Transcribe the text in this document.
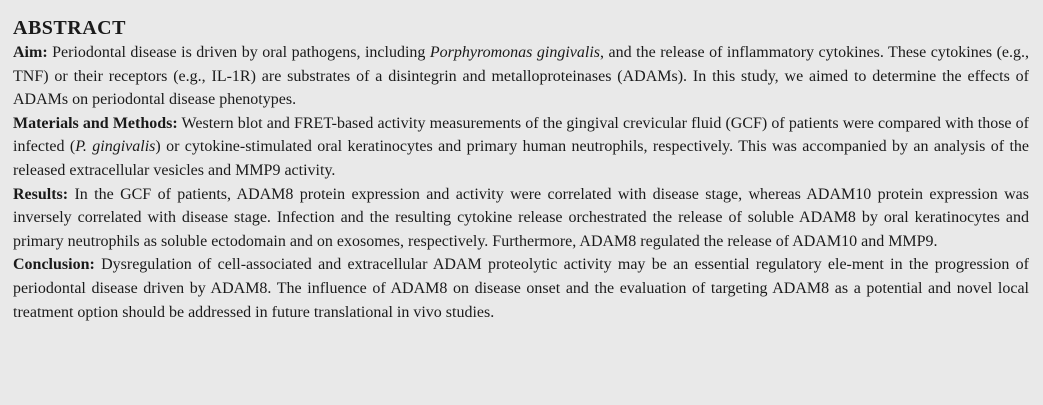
ABSTRACT

Aim: Periodontal disease is driven by oral pathogens, including Porphyromonas gingivalis, and the release of inflammatory cytokines. These cytokines (e.g., TNF) or their receptors (e.g., IL-1R) are substrates of a disintegrin and metalloproteinases (ADAMs). In this study, we aimed to determine the effects of ADAMs on periodontal disease phenotypes.

Materials and Methods: Western blot and FRET-based activity measurements of the gingival crevicular fluid (GCF) of patients were compared with those of infected (P. gingivalis) or cytokine-stimulated oral keratinocytes and primary human neutrophils, respectively. This was accompanied by an analysis of the released extracellular vesicles and MMP9 activity.

Results: In the GCF of patients, ADAM8 protein expression and activity were correlated with disease stage, whereas ADAM10 protein expression was inversely correlated with disease stage. Infection and the resulting cytokine release orchestrated the release of soluble ADAM8 by oral keratinocytes and primary neutrophils as soluble ectodomain and on exosomes, respectively. Furthermore, ADAM8 regulated the release of ADAM10 and MMP9.

Conclusion: Dysregulation of cell-associated and extracellular ADAM proteolytic activity may be an essential regulatory ele-ment in the progression of periodontal disease driven by ADAM8. The influence of ADAM8 on disease onset and the evaluation of targeting ADAM8 as a potential and novel local treatment option should be addressed in future translational in vivo studies.
